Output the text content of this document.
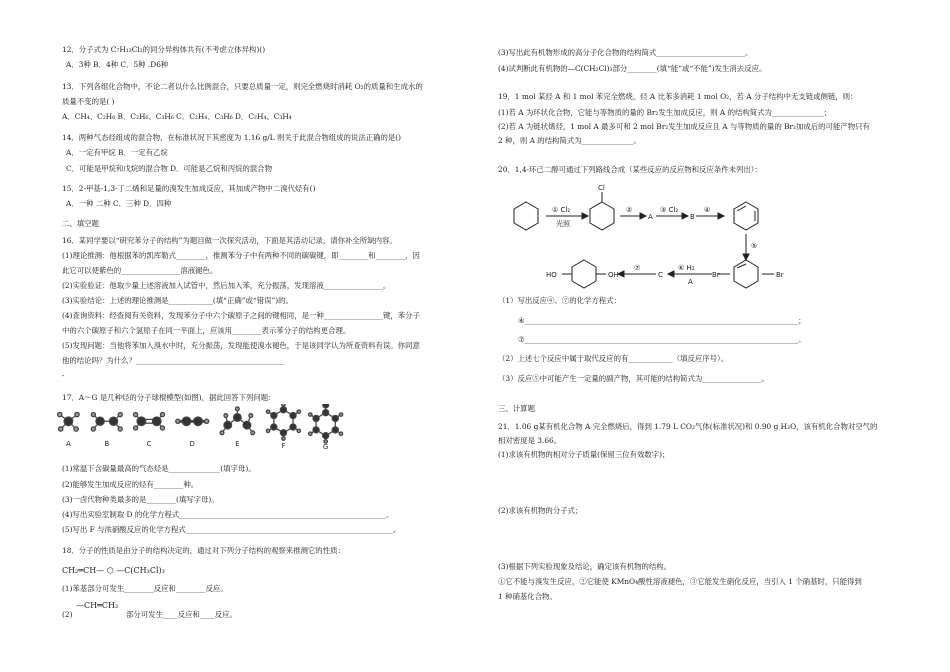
12．分子式为 C₇H₁₃Cl₂的同分异构体共有(不考虑立体异构)()
A．3种 B．4种 C．5种 .D6种
13．下列各组化合物中，不论二者以什么比例混合，只要总质量一定，则完全燃烧时消耗 O₂的质量和生成水的
质量不变的是( )
A．CH₄、C₂H₆ B．C₂H₆、C₃H₆ C．C₂H₄、C₃H₆ D．C₂H₄、C₃H₄
14．两种气态烃组成的混合物，在标准状况下其密度为 1.16 g/L 则关于此混合物组成的说法正确的是()
A．一定有甲烷 B．一定有乙烷
C．可能是甲烷和戊烷的混合物 D．可能是乙烷和丙烷的混合物
15．2-甲基-1,3-丁二烯和足量的溴发生加成反应，其加成产物中二溴代烃有()
A．一种 二种 C．三种 D．四种
二、填空题
16．某同学要以“研究苯分子的结构”为题目做一次探究活动，下面是其活动记录，请你补全所缺内容。
(1)理论推测：他根据苯的凯库勒式________，推测苯分子中有两种不同的碳碳键，即________和________，因
此它可以使紫色的________________溶液褪色。
(2)实验验证：他取少量上述溶液加入试管中，然后加入苯，充分振荡，发现溶液________________。
(3)实验结论：上述的理论推测是____________(填“正确”或“错误”)的。
(4)查询资料：经查阅有关资料，发现苯分子中六个碳原子之间的键相同，是一种________________键，苯分子
中的六个碳原子和六个氢原子在同一平面上，应该用________表示苯分子的结构更合理。
(5)发现问题：当他将苯加入溴水中时，充分振荡，发现能使溴水褪色，于是该同学认为所查资料有误。你同意
他的结论吗？为什么？________________________________________
-
17．A～G 是几种烃的分子球棍模型(如图)，据此回答下列问题：
A	B	C	D	E	F	G
(1)常温下含碳量最高的气态烃是______________(填字母)。
(2)能够发生加成反应的烃有________种。
(3)一卤代物种类最多的是________(填写字母)。
(4)写出实验室制取 D 的化学方程式________________________________________________________。
(5)写出 F 与浓硝酸反应的化学方程式________________________________________________________。
18．分子的性质是由分子的结构决定的，通过对下列分子结构的观察来推测它的性质：
CH₂═CH— ⬡ —C(CH₃Cl)₃
(1)苯基部分可发生________反应和________反应。
(2)
—CH═CH₂
部分可发生____反应和____反应。
(3)写出此有机物形成的高分子化合物的结构简式________________________。
(4)试判断此有机物的—C(CH₂Cl)₃部分________(填“能”或“不能”)发生消去反应。
19．1 mol 某烃 A 和 1 mol 苯完全燃烧，烃 A 比苯多消耗 1 mol O₂，若 A 分子结构中无支链或侧链，则：
(1)若 A 为环状化合物，它能与等物质的量的 Br₂发生加成反应，则 A 的结构简式为______________；
(2)若 A 为链状烯烃，1 mol A 最多可和 2 mol Br₂发生加成反应且 A 与等物质的量的 Br₂加成后的可能产物只有
2 种，则 A 的结构简式为______________。
20．1,4-环己二醇可通过下列路线合成（某些反应的反应物和反应条件未列出）：
① Cl₂
光照
Cl
②
A
③ Cl₂
B
④
⑤
HO	OH
⑦
C
⑥ H₂
A
Br	Br
（1）写出反应④、⑦的化学方程式：
④__________________________________________________________________________；
⑦__________________________________________________________________________。
（2）上述七个反应中属于取代反应的有____________（填反应序号）。
（3）反应⑤中可能产生一定量的副产物，其可能的结构简式为________________。
三、计算题
21．1.06 g某有机化合物 A 完全燃烧后，得到 1.79 L CO₂气体(标准状况)和 0.90 g H₂O，该有机化合物对空气的
相对密度是 3.66。
(1)求该有机物的相对分子质量(保留三位有效数字)；
(2)求该有机物的分子式；
(3)根据下列实验现象及结论，确定该有机物的结构。
①它不能与溴发生反应，②它能使 KMnO₄酸性溶液褪色，③它能发生硝化反应，当引入 1 个硝基时，只能得到
1 种硝基化合物。
